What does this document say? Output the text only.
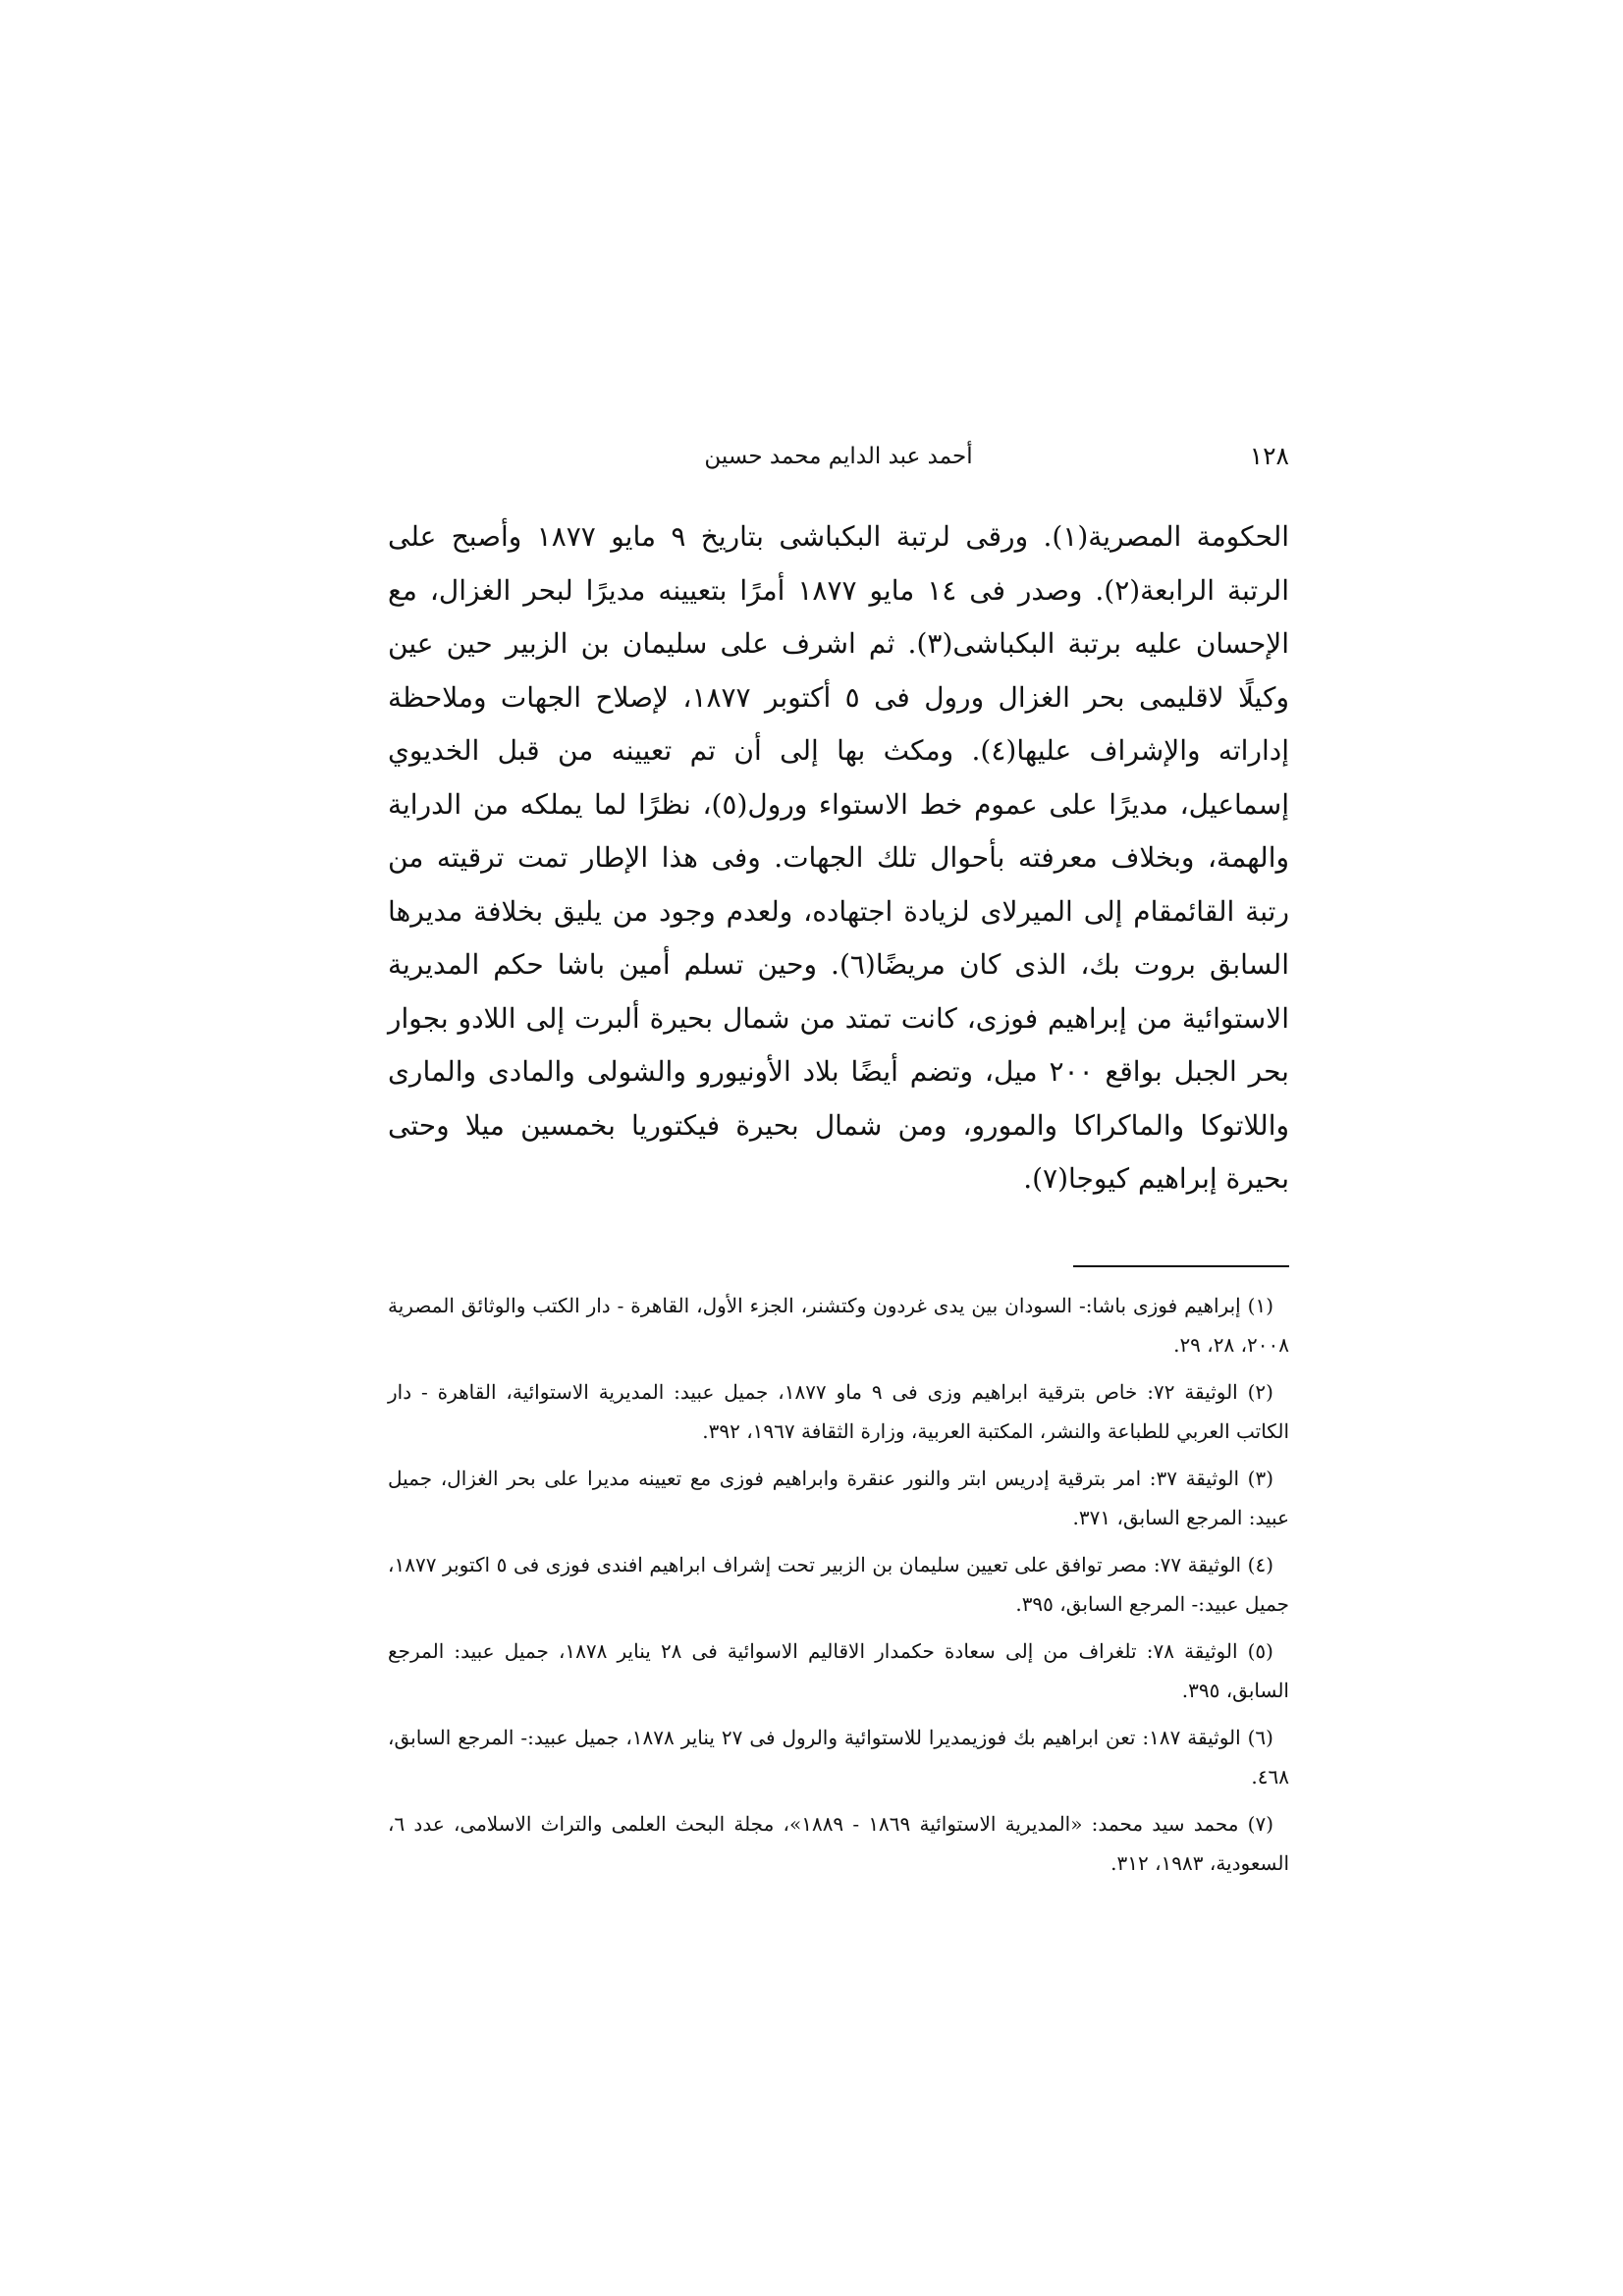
١٢٨
أحمد عبد الدايم محمد حسين

الحكومة المصرية(١). ورقى لرتبة البكباشى بتاريخ ٩ مايو ١٨٧٧ وأصبح على الرتبة الرابعة(٢). وصدر فى ١٤ مايو ١٨٧٧ أمرًا بتعيينه مديرًا لبحر الغزال، مع الإحسان عليه برتبة البكباشى(٣). ثم اشرف على سليمان بن الزبير حين عين وكيلًا لاقليمى بحر الغزال ورول فى ٥ أكتوبر ١٨٧٧، لإصلاح الجهات وملاحظة إداراته والإشراف عليها(٤). ومكث بها إلى أن تم تعيينه من قبل الخديوي إسماعيل، مديرًا على عموم خط الاستواء ورول(٥)، نظرًا لما يملكه من الدراية والهمة، وبخلاف معرفته بأحوال تلك الجهات. وفى هذا الإطار تمت ترقيته من رتبة القائمقام إلى الميرلاى لزيادة اجتهاده، ولعدم وجود من يليق بخلافة مديرها السابق بروت بك، الذى كان مريضًا(٦). وحين تسلم أمين باشا حكم المديرية الاستوائية من إبراهيم فوزى، كانت تمتد من شمال بحيرة ألبرت إلى اللادو بجوار بحر الجبل بواقع ٢٠٠ ميل، وتضم أيضًا بلاد الأونيورو والشولى والمادى والمارى واللاتوكا والماكراكا والمورو، ومن شمال بحيرة فيكتوريا بخمسين ميلا وحتى بحيرة إبراهيم كيوجا(٧).

(١) إبراهيم فوزى باشا:- السودان بين يدى غردون وكتشنر، الجزء الأول، القاهرة - دار الكتب والوثائق المصرية ٢٠٠٨، ٢٨، ٢٩.
(٢) الوثيقة ٧٢: خاص بترقية ابراهيم وزى فى ٩ ماو ١٨٧٧، جميل عبيد: المديرية الاستوائية، القاهرة - دار الكاتب العربي للطباعة والنشر، المكتبة العربية، وزارة الثقافة ١٩٦٧، ٣٩٢.
(٣) الوثيقة ٣٧: امر بترقية إدريس ابتر والنور عنقرة وابراهيم فوزى مع تعيينه مديرا على بحر الغزال، جميل عبيد: المرجع السابق، ٣٧١.
(٤) الوثيقة ٧٧: مصر توافق على تعيين سليمان بن الزبير تحت إشراف ابراهيم افندى فوزى فى ٥ اكتوبر ١٨٧٧، جميل عبيد:- المرجع السابق، ٣٩٥.
(٥) الوثيقة ٧٨: تلغراف من إلى سعادة حكمدار الاقاليم الاسوائية فى ٢٨ يناير ١٨٧٨، جميل عبيد: المرجع السابق، ٣٩٥.
(٦) الوثيقة ١٨٧: تعن ابراهيم بك فوزيمديرا للاستوائية والرول فى ٢٧ يناير ١٨٧٨، جميل عبيد:- المرجع السابق، ٤٦٨.
(٧) محمد سيد محمد: «المديرية الاستوائية ١٨٦٩ - ١٨٨٩»، مجلة البحث العلمى والتراث الاسلامى، عدد ٦، السعودية، ١٩٨٣، ٣١٢.
